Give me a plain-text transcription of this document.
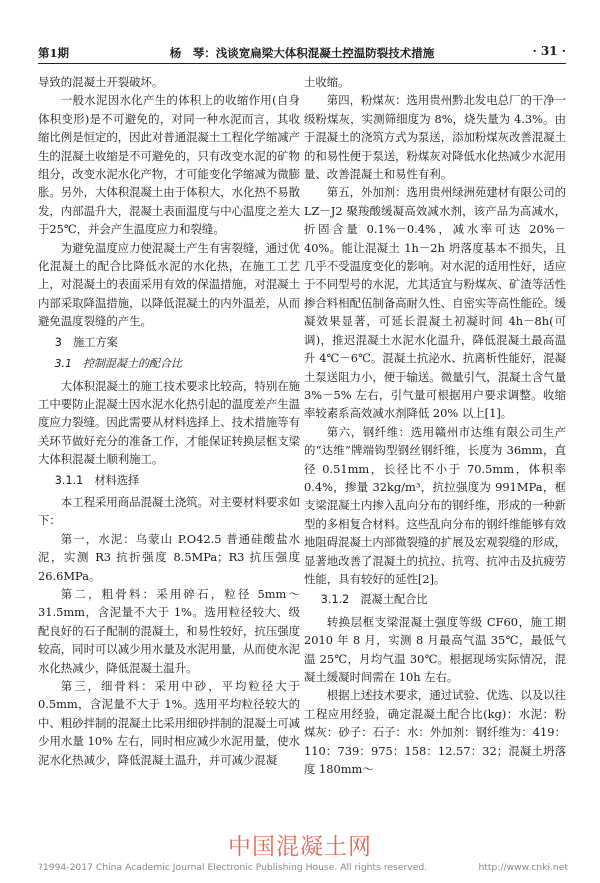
第1期	杨　琴：浅谈宽扁梁大体积混凝土控温防裂技术措施	· 31 ·

导致的混凝土开裂破坏。

一般水泥因水化产生的体积上的收缩作用(自身体积变形)是不可避免的，对同一种水泥而言，其收缩比例是恒定的，因此对普通混凝土工程化学缩减产生的混凝土收缩是不可避免的，只有改变水泥的矿物组分，改变水泥水化产物，才可能变化学缩减为微膨胀。另外，大体积混凝土由于体积大，水化热不易散发，内部温升大，混凝土表面温度与中心温度之差大于25℃，并会产生温度应力和裂缝。

为避免温度应力使混凝土产生有害裂缝，通过优化混凝土的配合比降低水泥的水化热，在施工工艺上，对混凝土的表面采用有效的保温措施，对混凝土内部采取降温措施，以降低混凝土的内外温差，从而避免温度裂缝的产生。

3　施工方案

3.1　控制混凝土的配合比

大体积混凝土的施工技术要求比较高，特别在施工中要防止混凝土因水泥水化热引起的温度差产生温度应力裂缝。因此需要从材料选择上、技术措施等有关环节做好充分的准备工作，才能保证转换层框支梁大体积混凝土顺利施工。

3.1.1　材料选择

本工程采用商品混凝土浇筑。对主要材料要求如下：

第一，水泥：乌蒙山 P.O42.5 普通硅酸盐水泥，实测 R3 抗折强度 8.5MPa；R3 抗压强度 26.6MPa。

第二，粗骨料：采用碎石，粒径 5mm～31.5mm，含泥量不大于 1%。选用粒径较大、级配良好的石子配制的混凝土，和易性较好，抗压强度较高，同时可以减少用水量及水泥用量，从而使水泥水化热减少，降低混凝土温升。

第三，细骨料：采用中砂，平均粒径大于0.5mm，含泥量不大于 1%。选用平均粒径较大的中、粗砂拌制的混凝土比采用细砂拌制的混凝土可减少用水量 10% 左右，同时相应减少水泥用量，使水泥水化热减少，降低混凝土温升，并可减少混凝

土收缩。

第四，粉煤灰：选用贵州黔北发电总厂的干净一级粉煤灰，实测筛细度为 8%，烧失量为 4.3%。由于混凝土的浇筑方式为泵送，添加粉煤灰改善混凝土的和易性便于泵送，粉煤灰对降低水化热减少水泥用量、改善混凝土和易性有利。

第五，外加剂：选用贵州绿洲苑建材有限公司的 LZ－J2 聚羧酸缓凝高效减水剂，该产品为高减水，折固含量 0.1%－0.4%，减水率可达 20%－40%。能让混凝土 1h－2h 坍落度基本不损失，且几乎不受温度变化的影响。对水泥的适用性好，适应于不同型号的水泥，尤其适宜与粉煤灰、矿渣等活性掺合料相配伍制备高耐久性、自密实等高性能砼。缓凝效果显著，可延长混凝土初凝时间 4h－8h(可调)，推迟混凝土水泥水化温升，降低混凝土最高温升 4℃－6℃。混凝土抗泌水、抗离析性能好，混凝土泵送阻力小，便于输送。微量引气，混凝土含气量 3%－5% 左右，引气量可根据用户要求调整。收缩率较素系高效减水剂降低 20% 以上[1]。

第六，钢纤维：选用赣州市达维有限公司生产的“达维”牌端钩型钢丝钢纤维，长度为 36mm，直径 0.51mm，长径比不小于 70.5mm，体积率 0.4%，掺量 32kg/m³，抗拉强度为 991MPa，框支梁混凝土内掺入乱向分布的钢纤维，形成的一种新型的多相复合材料。这些乱向分布的钢纤维能够有效地阻碍混凝土内部微裂缝的扩展及宏观裂缝的形成，显著地改善了混凝土的抗拉、抗弯、抗冲击及抗疲劳性能，具有较好的延性[2]。

3.1.2　混凝土配合比

转换层框支梁混凝土强度等级 CF60，施工期 2010 年 8 月，实测 8 月最高气温 35℃，最低气温 25℃，月均气温 30℃。根据现场实际情况，混凝土缓凝时间需在 10h 左右。

根据上述技术要求，通过试验、优选、以及以往工程应用经验，确定混凝土配合比(kg)：水泥：粉煤灰：砂子：石子：水：外加剂：钢纤维为：419：110：739：975：158：12.57：32；混凝土坍落度 180mm～

中国混凝土网
?1994-2017 China Academic Journal Electronic Publishing House. All rights reserved.	http://www.cnki.net
